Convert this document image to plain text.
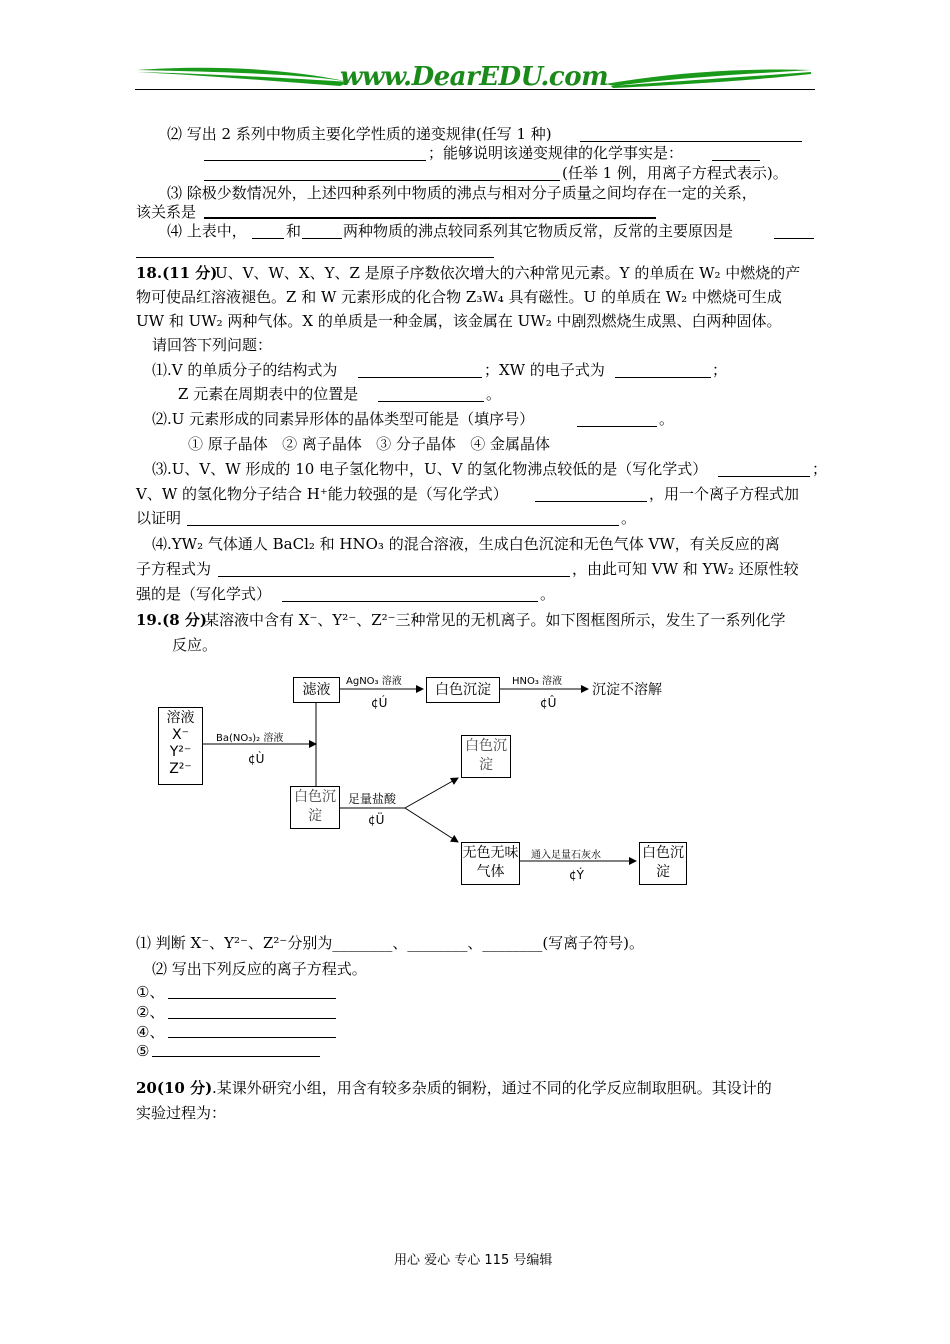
www.DearEDU.com
⑵ 写出 2 系列中物质主要化学性质的递变规律(任写 1 种)
；能够说明该递变规律的化学事实是：
(任举 1 例，用离子方程式表示)。
⑶ 除极少数情况外，上述四种系列中物质的沸点与相对分子质量之间均存在一定的关系，
该关系是
⑷ 上表中，	和	两种物质的沸点较同系列其它物质反常，反常的主要原因是
18.(11 分)
U、V、W、X、Y、Z 是原子序数依次增大的六种常见元素。Y 的单质在 W₂ 中燃烧的产
物可使品红溶液褪色。Z 和 W 元素形成的化合物 Z₃W₄ 具有磁性。U 的单质在 W₂ 中燃烧可生成
UW 和 UW₂ 两种气体。X 的单质是一种金属，该金属在 UW₂ 中剧烈燃烧生成黑、白两种固体。
请回答下列问题：
⑴.V 的单质分子的结构式为	；XW 的电子式为	；
Z 元素在周期表中的位置是	。
⑵.U 元素形成的同素异形体的晶体类型可能是（填序号）	。
① 原子晶体   ② 离子晶体   ③ 分子晶体   ④ 金属晶体
⑶.U、V、W 形成的 10 电子氢化物中，U、V 的氢化物沸点较低的是（写化学式）	；
V、W 的氢化物分子结合 H⁺能力较强的是（写化学式）	，用一个离子方程式加
以证明	。
⑷.YW₂ 气体通人 BaCl₂ 和 HNO₃ 的混合溶液，生成白色沉淀和无色气体 VW，有关反应的离
子方程式为	，由此可知 VW 和 YW₂ 还原性较
强的是（写化学式）	。
19.(8 分)
某溶液中含有 X⁻、Y²⁻、Z²⁻三种常见的无机离子。如下图框图所示，发生了一系列化学
反应。
溶液
X⁻
Y²⁻
Z²⁻
滤液	白色沉淀	沉淀不溶解
白色沉淀
白色沉淀
无色无味气体
白色沉淀
Ba(NO₃)₂ 溶液
AgNO₃ 溶液	HNO₃ 溶液
足量盐酸
通入足量石灰水
¢Ù
¢Ú	¢Û
¢Ü
¢Ý
⑴ 判断 X⁻、Y²⁻、Z²⁻分别为________、________、________(写离子符号)。
⑵ 写出下列反应的离子方程式。
①、
②、
④、
⑤
20(10 分) .某课外研究小组，用含有较多杂质的铜粉，通过不同的化学反应制取胆矾。其设计的
实验过程为：
用心 爱心 专心 115 号编辑
